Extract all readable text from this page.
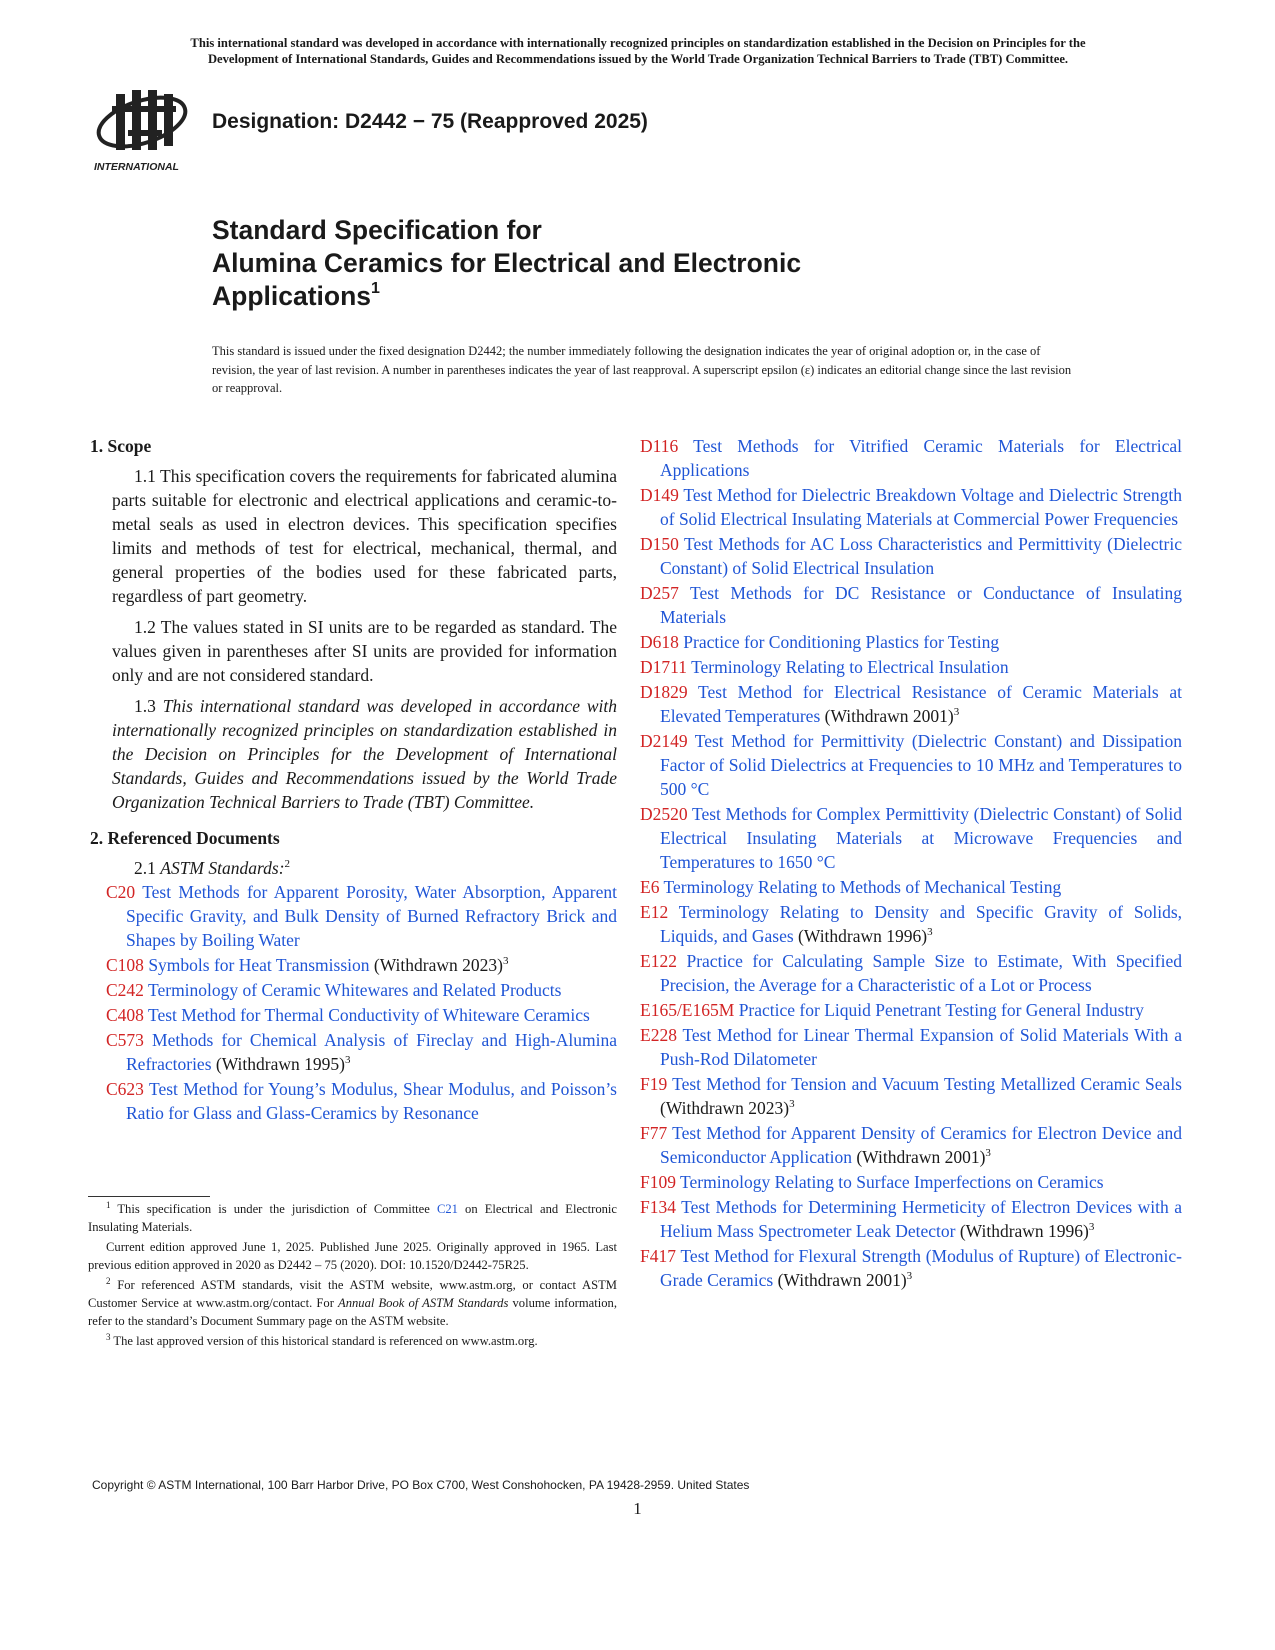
This international standard was developed in accordance with internationally recognized principles on standardization established in the Decision on Principles for the
Development of International Standards, Guides and Recommendations issued by the World Trade Organization Technical Barriers to Trade (TBT) Committee.
INTERNATIONAL
Designation: D2442 − 75 (Reapproved 2025)
Standard Specification for
Alumina Ceramics for Electrical and Electronic
Applications$^1$

This standard is issued under the fixed designation D2442; the number immediately following the designation indicates the year of original adoption or, in the case of revision, the year of last revision. A number in parentheses indicates the year of last reapproval. A superscript epsilon (ε) indicates an editorial change since the last revision or reapproval.

1. Scope

1.1 This specification covers the requirements for fabricated alumina parts suitable for electronic and electrical applications and ceramic-to-metal seals as used in electron devices. This specification specifies limits and methods of test for electrical, mechanical, thermal, and general properties of the bodies used for these fabricated parts, regardless of part geometry.

1.2 The values stated in SI units are to be regarded as standard. The values given in parentheses after SI units are provided for information only and are not considered standard.

1.3 This international standard was developed in accordance with internationally recognized principles on standardization established in the Decision on Principles for the Development of International Standards, Guides and Recommendations issued by the World Trade Organization Technical Barriers to Trade (TBT) Committee.

2. Referenced Documents

2.1 ASTM Standards:$^2$

C20 Test Methods for Apparent Porosity, Water Absorption, Apparent Specific Gravity, and Bulk Density of Burned Refractory Brick and Shapes by Boiling Water

C108 Symbols for Heat Transmission (Withdrawn 2023)$^3$

C242 Terminology of Ceramic Whitewares and Related Products

C408 Test Method for Thermal Conductivity of Whiteware Ceramics

C573 Methods for Chemical Analysis of Fireclay and High-Alumina Refractories (Withdrawn 1995)$^3$

C623 Test Method for Young’s Modulus, Shear Modulus, and Poisson’s Ratio for Glass and Glass-Ceramics by Resonance

D116 Test Methods for Vitrified Ceramic Materials for Electrical Applications

D149 Test Method for Dielectric Breakdown Voltage and Dielectric Strength of Solid Electrical Insulating Materials at Commercial Power Frequencies

D150 Test Methods for AC Loss Characteristics and Permittivity (Dielectric Constant) of Solid Electrical Insulation

D257 Test Methods for DC Resistance or Conductance of Insulating Materials

D618 Practice for Conditioning Plastics for Testing

D1711 Terminology Relating to Electrical Insulation

D1829 Test Method for Electrical Resistance of Ceramic Materials at Elevated Temperatures (Withdrawn 2001)$^3$

D2149 Test Method for Permittivity (Dielectric Constant) and Dissipation Factor of Solid Dielectrics at Frequencies to 10 MHz and Temperatures to 500 °C

D2520 Test Methods for Complex Permittivity (Dielectric Constant) of Solid Electrical Insulating Materials at Microwave Frequencies and Temperatures to 1650 °C

E6 Terminology Relating to Methods of Mechanical Testing

E12 Terminology Relating to Density and Specific Gravity of Solids, Liquids, and Gases (Withdrawn 1996)$^3$

E122 Practice for Calculating Sample Size to Estimate, With Specified Precision, the Average for a Characteristic of a Lot or Process

E165/E165M Practice for Liquid Penetrant Testing for General Industry

E228 Test Method for Linear Thermal Expansion of Solid Materials With a Push-Rod Dilatometer

F19 Test Method for Tension and Vacuum Testing Metallized Ceramic Seals (Withdrawn 2023)$^3$

F77 Test Method for Apparent Density of Ceramics for Electron Device and Semiconductor Application (Withdrawn 2001)$^3$

F109 Terminology Relating to Surface Imperfections on Ceramics

F134 Test Methods for Determining Hermeticity of Electron Devices with a Helium Mass Spectrometer Leak Detector (Withdrawn 1996)$^3$

F417 Test Method for Flexural Strength (Modulus of Rupture) of Electronic-Grade Ceramics (Withdrawn 2001)$^3$

$^1$ This specification is under the jurisdiction of Committee C21 on Electrical and Electronic Insulating Materials.

Current edition approved June 1, 2025. Published June 2025. Originally approved in 1965. Last previous edition approved in 2020 as D2442 – 75 (2020). DOI: 10.1520/D2442-75R25.

$^2$ For referenced ASTM standards, visit the ASTM website, www.astm.org, or contact ASTM Customer Service at www.astm.org/contact. For Annual Book of ASTM Standards volume information, refer to the standard’s Document Summary page on the ASTM website.

$^3$ The last approved version of this historical standard is referenced on www.astm.org.

Copyright © ASTM International, 100 Barr Harbor Drive, PO Box C700, West Conshohocken, PA 19428-2959. United States
1
